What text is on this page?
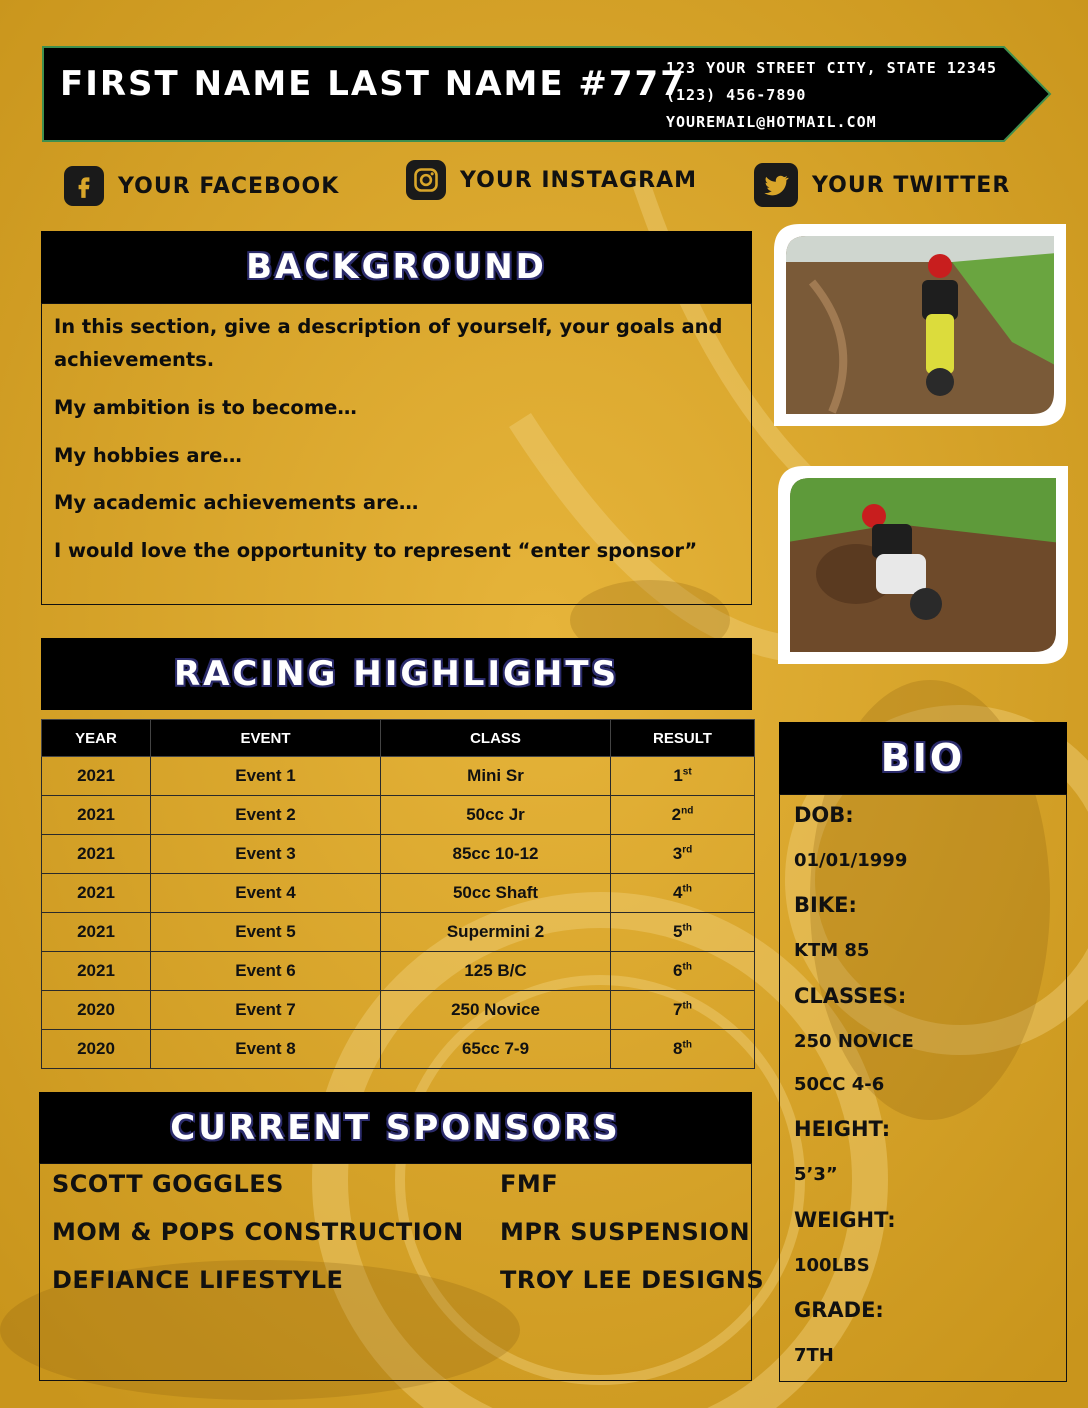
FIRST NAME LAST NAME #777

123 YOUR STREET CITY, STATE 12345

(123) 456-7890

YOUREMAIL@HOTMAIL.COM

YOUR FACEBOOK	YOUR INSTAGRAM	YOUR TWITTER
BACKGROUND

In this section, give a description of yourself, your goals and achievements.

My ambition is to become…

My hobbies are…

My academic achievements are…

I would love the opportunity to represent “enter sponsor”

RACING HIGHLIGHTS
YEAR	EVENT	CLASS	RESULT
2021	Event 1	Mini Sr	1st
2021	Event 2	50cc Jr	2nd
2021	Event 3	85cc 10-12	3rd
2021	Event 4	50cc Shaft	4th
2021	Event 5	Supermini 2	5th
2021	Event 6	125 B/C	6th
2020	Event 7	250 Novice	7th
2020	Event 8	65cc 7-9	8th
CURRENT SPONSORS

SCOTT GOGGLES

MOM & POPS CONSTRUCTION

DEFIANCE LIFESTYLE

FMF

MPR SUSPENSION

TROY LEE DESIGNS

BIO

DOB:

01/01/1999

BIKE:

KTM 85

CLASSES:

250 NOVICE

50CC 4-6

HEIGHT:

5’3”

WEIGHT:

100LBS

GRADE:

7TH
